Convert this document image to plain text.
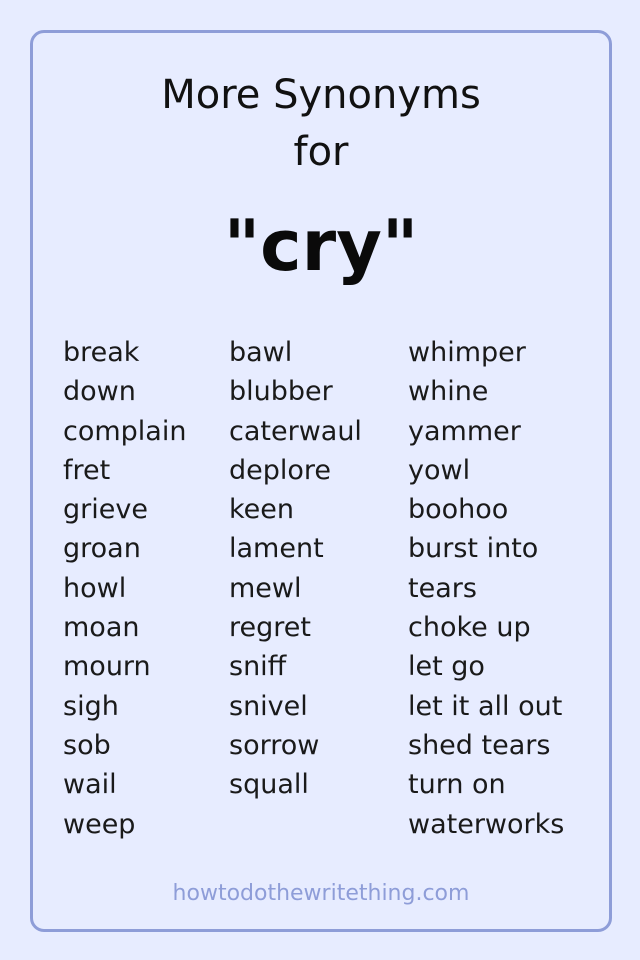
More Synonyms
for
"cry"
break
down
complain
fret
grieve
groan
howl
moan
mourn
sigh
sob
wail
weep
bawl
blubber
caterwaul
deplore
keen
lament
mewl
regret
sniff
snivel
sorrow
squall
whimper
whine
yammer
yowl
boohoo
burst into
tears
choke up
let go
let it all out
shed tears
turn on
waterworks
howtodothewritething.com
